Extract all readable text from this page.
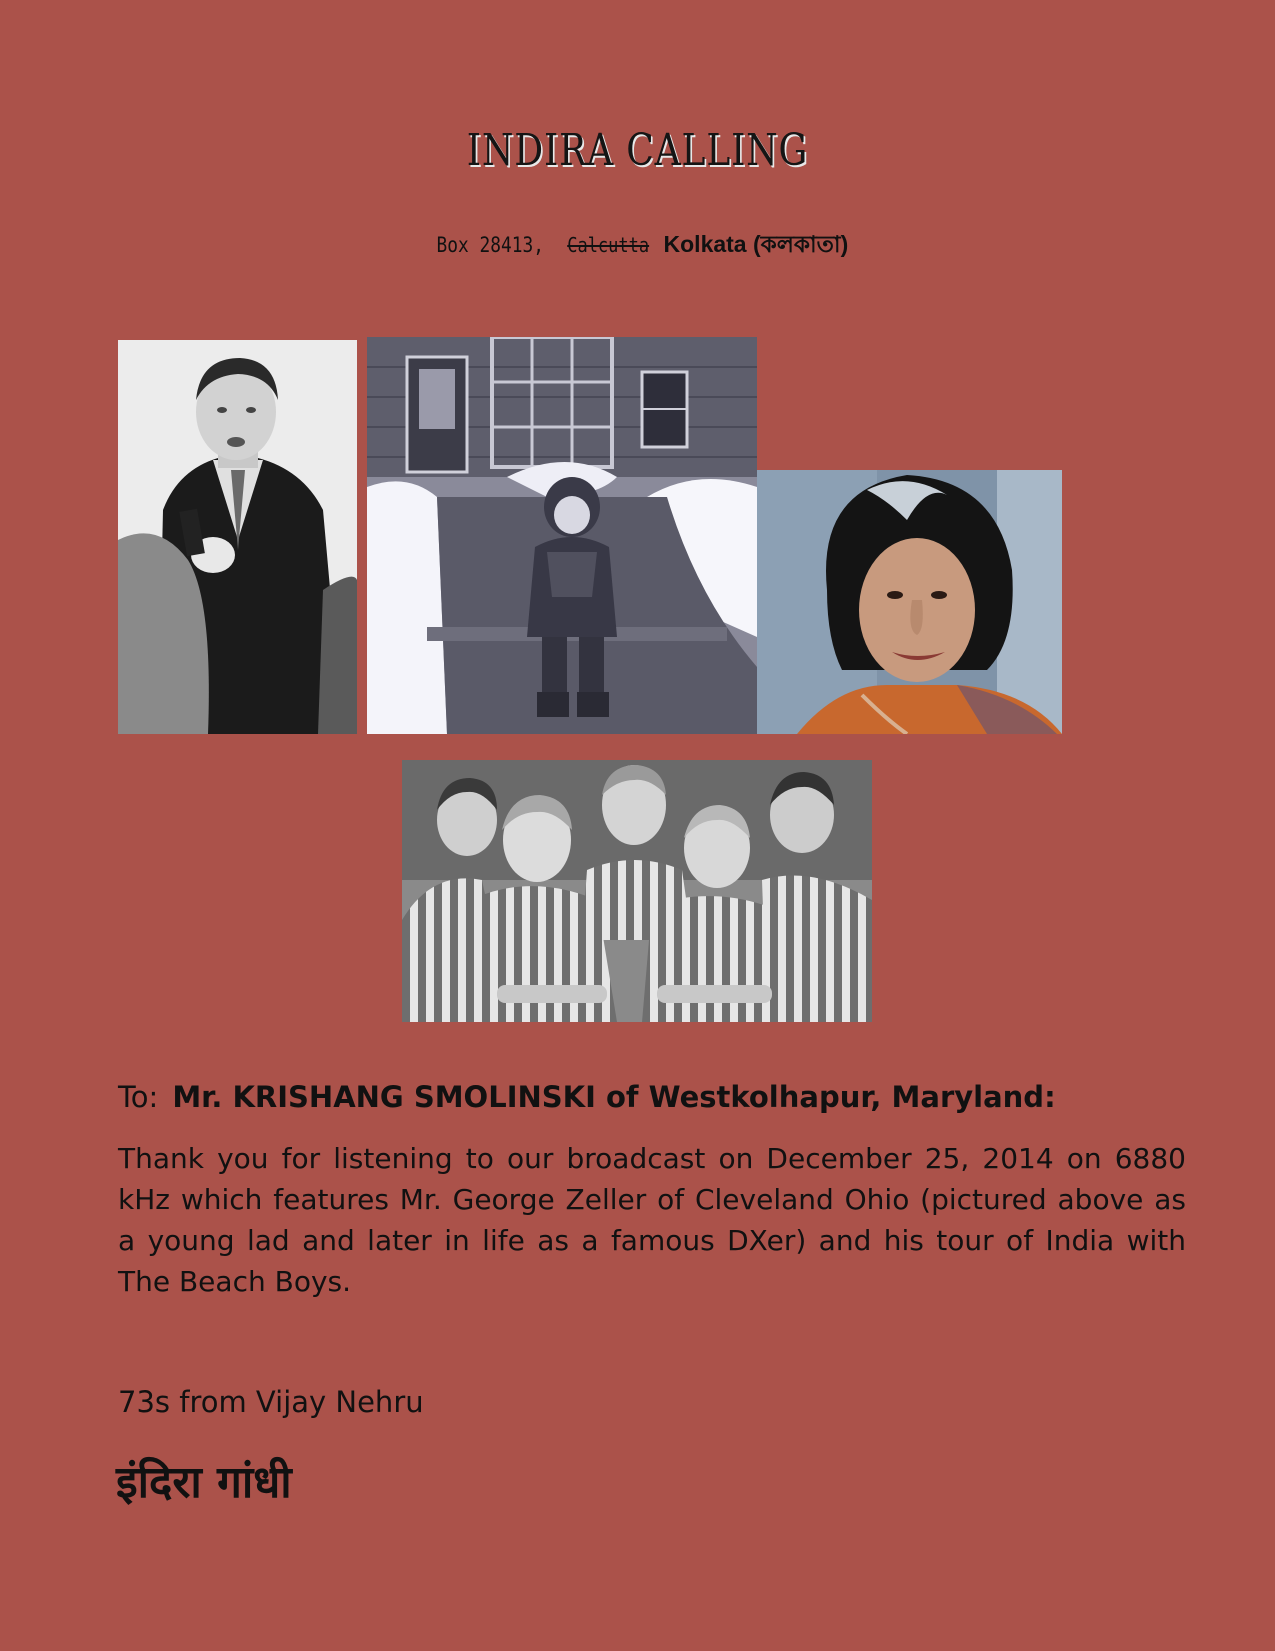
INDIRA CALLING
Box 28413, Calcutta Kolkata (কলকাতা)
To: Mr. KRISHANG SMOLINSKI of Westkolhapur, Maryland:

Thank you for listening to our broadcast on December 25, 2014 on 6880 kHz which features Mr. George Zeller of Cleveland Ohio (pictured above as a young lad and later in life as a famous DXer) and his tour of India with The Beach Boys.

73s from Vijay Nehru
इंदिरा गांधी
